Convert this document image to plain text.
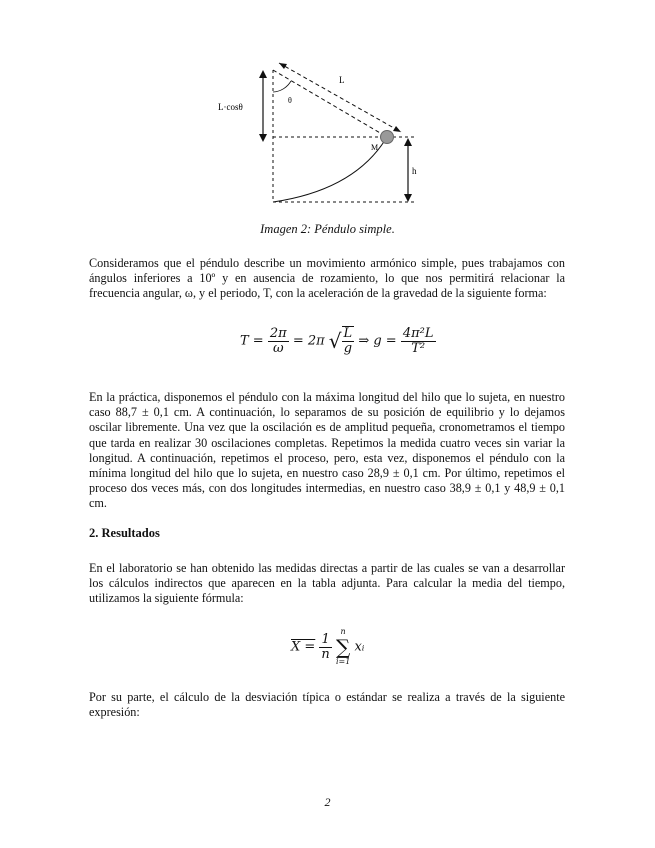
L·cosθ
θ
L
M
h
Imagen 2: Péndulo simple.
Consideramos que el péndulo describe un movimiento armónico simple, pues trabajamos con ángulos inferiores a 10º y en ausencia de rozamiento, lo que nos permitirá relacionar la frecuencia angular, ω, y el periodo, T, con la aceleración de la gravedad de la siguiente forma:
$T = \frac{2\pi}{\omega} = 2\pi$ √ $\frac{L}{g}$ ⇒ $g = \frac{\text{4π²L}}{\text{T²}}$
En la práctica, disponemos el péndulo con la máxima longitud del hilo que lo sujeta, en nuestro caso 88,7 ± 0,1 cm. A continuación, lo separamos de su posición de equilibrio y lo dejamos oscilar libremente. Una vez que la oscilación es de amplitud pequeña, cronometramos el tiempo que tarda en realizar 30 oscilaciones completas. Repetimos la medida cuatro veces sin variar la longitud. A continuación, repetimos el proceso, pero, esta vez, disponemos el péndulo con la mínima longitud del hilo que lo sujeta, en nuestro caso 28,9 ± 0,1 cm. Por último, repetimos el proceso dos veces más, con dos longitudes intermedias, en nuestro caso 38,9 ± 0,1 y 48,9 ± 0,1 cm.
2. Resultados
En el laboratorio se han obtenido las medidas directas a partir de las cuales se van a desarrollar los cálculos indirectos que aparecen en la tabla adjunta. Para calcular la media del tiempo, utilizamos la siguiente fórmula:
$X = \frac{1}{n}$

n
∑
i=1
xᵢ
Por su parte, el cálculo de la desviación típica o estándar se realiza a través de la siguiente expresión:
2
